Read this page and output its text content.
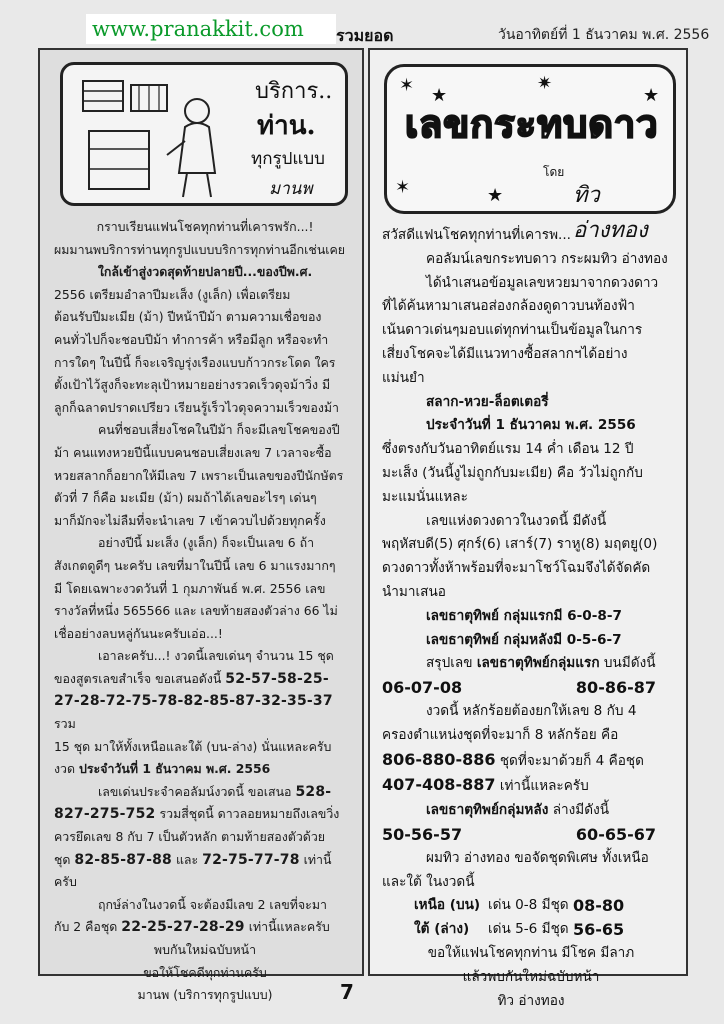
www.pranakkit.com	รวมยอด	วันอาทิตย์ที่ 1 ธันวาคม พ.ศ. 2556
บริการ..
ท่าน.
ทุกรูปแบบ
มานพ

กราบเรียนแฟนโชคทุกท่านที่เคารพรัก...!

ผมมานพบริการท่านทุกรูปแบบบริการทุกท่านอีกเช่นเคย

ใกล้เข้าสู่งวดสุดท้ายปลายปี...ของปีพ.ศ.

2556 เตรียมอำลาปีมะเส็ง (งูเล็ก) เพื่อเตรียม

ต้อนรับปีมะเมีย (ม้า) ปีหน้าปีม้า ตามความเชื่อของ

คนทั่วไปก็จะชอบปีม้า ทำการค้า หรือมีลูก หรือจะทำ

การใดๆ ในปีนี้ ก็จะเจริญรุ่งเรืองแบบก้าวกระโดด ใคร

ตั้งเป้าไว้สูงก็จะทะลุเป้าหมายอย่างรวดเร็วดุจม้าวิ่ง มี

ลูกก็ฉลาดปราดเปรียว เรียนรู้เร็วไวดุจความเร็วของม้า

คนที่ชอบเสี่ยงโชคในปีม้า ก็จะมีเลขโชคของปี

ม้า คนแทงหวยปีนี้แบบคนชอบเสี่ยงเลข 7 เวลาจะซื้อ

หวยสลากก็อยากให้มีเลข 7 เพราะเป็นเลขของปีนักษัตร

ตัวที่ 7 ก็คือ มะเมีย (ม้า) ผมถ้าได้เลขอะไรๆ เด่นๆ

มาก็มักจะไม่ลืมที่จะนำเลข 7 เข้าควบไปด้วยทุกครั้ง

อย่างปีนี้ มะเส็ง (งูเล็ก) ก็จะเป็นเลข 6 ถ้า

สังเกตดูดีๆ นะครับ เลขที่มาในปีนี้ เลข 6 มาแรงมากๆ

มี โดยเฉพาะงวดวันที่ 1 กุมภาพันธ์ พ.ศ. 2556 เลข

รางวัลที่หนึ่ง 565566 และ เลขท้ายสองตัวล่าง 66 ไม่

เชื่ออย่างลบหลู่กันนะครับเอ่อ...!

เอาละครับ...! งวดนี้เลขเด่นๆ จำนวน 15 ชุด

ของสูตรเลขสำเร็จ ขอเสนอดังนี้ 52-57-58-25-

27-28-72-75-78-82-85-87-32-35-37 รวม

15 ชุด มาให้ทั้งเหนือและใต้ (บน-ล่าง) นั่นแหละครับ

งวด ประจำวันที่ 1 ธันวาคม พ.ศ. 2556

เลขเด่นประจำคอลัมน์งวดนี้ ขอเสนอ 528-

827-275-752 รวมสี่ชุดนี้ ดาวลอยหมายถึงเลขวิ่ง

ควรยึดเลข 8 กับ 7 เป็นตัวหลัก ตามท้ายสองตัวด้วย

ชุด 82-85-87-88 และ 72-75-77-78 เท่านี้

ครับ

ฤกษ์ล่างในงวดนี้ จะต้องมีเลข 2 เลขที่จะมา

กับ 2 คือชุด 22-25-27-28-29 เท่านี้แหละครับ

พบกันใหม่ฉบับหน้า

ขอให้โชคดีทุกท่านครับ

มานพ (บริการทุกรูปแบบ)

✶ ★
✷
★
✶	★
เลขกระทบดาว
โดย
ทิว อ่างทอง

สวัสดีแฟนโชคทุกท่านที่เคารพ...

คอลัมน์เลขกระทบดาว กระผมทิว อ่างทอง

ได้นำเสนอข้อมูลเลขหวยมาจากดวงดาว

ที่ได้ค้นหามาเสนอส่องกล้องดูดาวบนท้องฟ้า

เน้นดาวเด่นๆมอบแด่ทุกท่านเป็นข้อมูลในการ

เสี่ยงโชคจะได้มีแนวทางซื้อสลากฯได้อย่าง

แม่นยำ

สลาก-หวย-ล็อตเตอรี่

ประจำวันที่ 1 ธันวาคม พ.ศ. 2556

ซึ่งตรงกับวันอาทิตย์แรม 14 ค่ำ เดือน 12 ปี

มะเส็ง (วันนี้งูไม่ถูกกับมะเมีย) คือ วัวไม่ถูกกับ

มะแมนั่นแหละ

เลขแห่งดวงดาวในงวดนี้ มีดังนี้

พฤหัสบดี(5) ศุกร์(6) เสาร์(7) ราหู(8) มฤตยู(0)

ดวงดาวทั้งห้าพร้อมที่จะมาโชว์โฉมจึงได้จัดคัด

นำมาเสนอ

เลขธาตุทิพย์ กลุ่มแรกมี 6-0-8-7

เลขธาตุทิพย์ กลุ่มหลังมี 0-5-6-7

สรุปเลข เลขธาตุทิพย์กลุ่มแรก บนมีดังนี้

06-07-08	80-86-87

งวดนี้ หลักร้อยต้องยกให้เลข 8 กับ 4

ครองตำแหน่งชุดที่จะมาก็ 8 หลักร้อย คือ

806-880-886 ชุดที่จะมาด้วยก็ 4 คือชุด

407-408-887 เท่านี้แหละครับ

เลขธาตุทิพย์กลุ่มหลัง ล่างมีดังนี้

50-56-57	60-65-67

ผมทิว อ่างทอง ขอจัดชุดพิเศษ ทั้งเหนือ

และใต้ ในงวดนี้

เหนือ (บน) เด่น 0-8 มีชุด
08-80

ใต้ (ล่าง)	เด่น 5-6 มีชุด
56-65

ขอให้แฟนโชคทุกท่าน มีโชค มีลาภ

แล้วพบกันใหม่ฉบับหน้า

ทิว อ่างทอง

7
